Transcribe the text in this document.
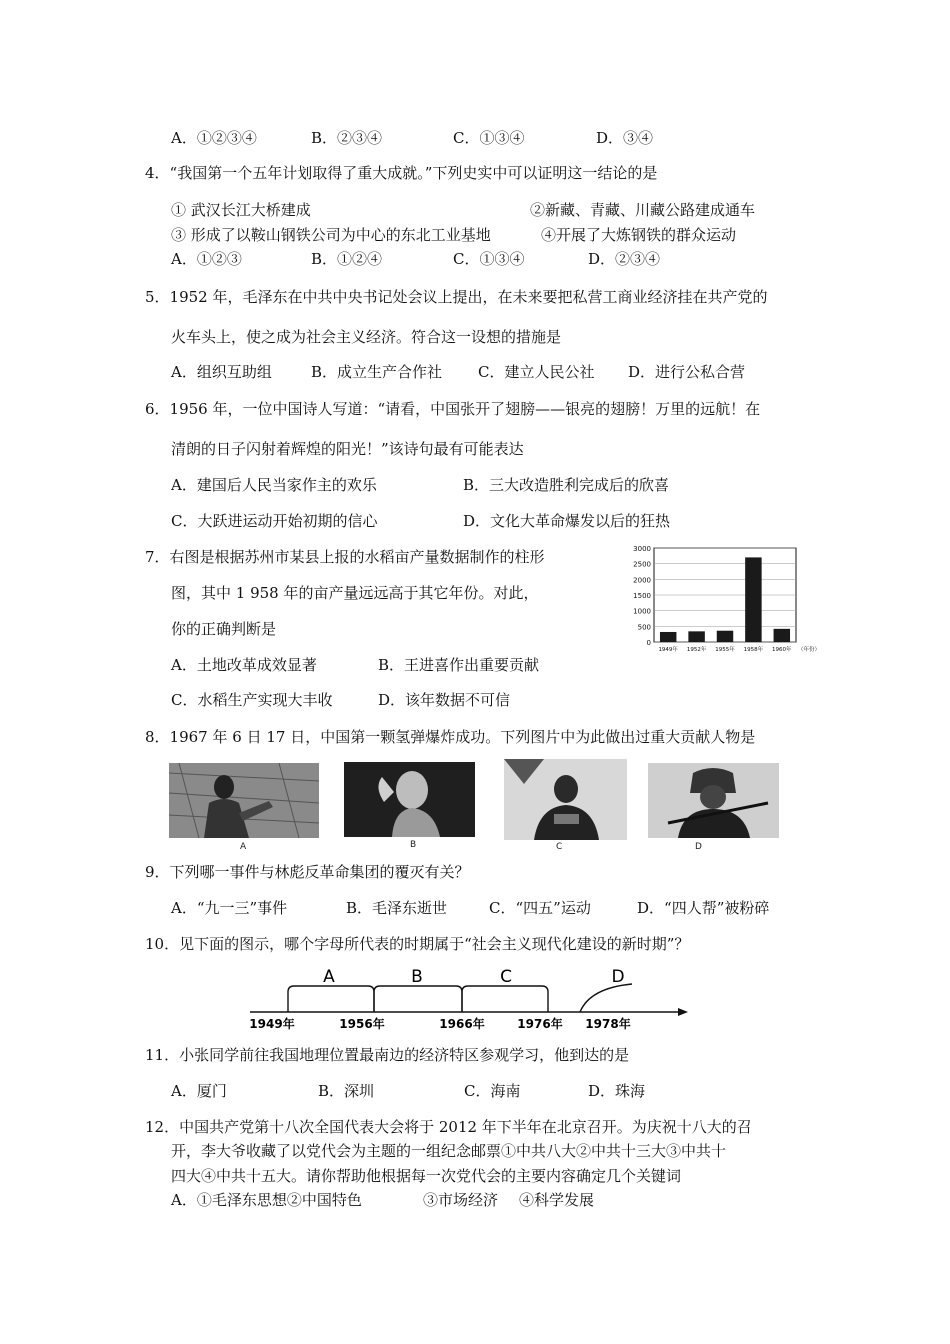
A．①②③④	B．②③④	C．①③④	D．③④
4．“我国第一个五年计划取得了重大成就。”下列史实中可以证明这一结论的是
① 武汉长江大桥建成	②新藏、青藏、川藏公路建成通车
③ 形成了以鞍山钢铁公司为中心的东北工业基地	④开展了大炼钢铁的群众运动
A．①②③	B．①②④	C．①③④	D．②③④
5．1952 年，毛泽东在中共中央书记处会议上提出，在未来要把私营工商业经济挂在共产党的
火车头上，使之成为社会主义经济。符合这一设想的措施是
A．组织互助组	B．成立生产合作社 C．建立人民公社 D．进行公私合营
6．1956 年，一位中国诗人写道：“请看，中国张开了翅膀——银亮的翅膀！万里的远航！在
清朗的日子闪射着辉煌的阳光！”该诗句最有可能表达
A．建国后人民当家作主的欢乐	B．三大改造胜利完成后的欣喜
C．大跃进运动开始初期的信心	D．文化大革命爆发以后的狂热
7．右图是根据苏州市某县上报的水稻亩产量数据制作的柱形
图，其中 1 958 年的亩产量远远高于其它年份。对此，
你的正确判断是
A．土地改革成效显著	B．王进喜作出重要贡献
C．水稻生产实现大丰收	D．该年数据不可信
0
500
1000
1500
2000
2500
3000
1949年 1952年 1955年 1958年 1960年 （年份）
8．1967 年 6 日 17 日，中国第一颗氢弹爆炸成功。下列图片中为此做出过重大贡献人物是
A	B	C	D
9．下列哪一事件与林彪反革命集团的覆灭有关？
A．“九一三”事件	B．毛泽东逝世	C．“四五”运动	D．“四人帮”被粉碎
10．见下面的图示，哪个字母所代表的时期属于“社会主义现代化建设的新时期”？
A	B	C	D
1949年	1956年	1966年	1976年 1978年
11．小张同学前往我国地理位置最南边的经济特区参观学习，他到达的是
A．厦门	B．深圳	C．海南	D．珠海
12．中国共产党第十八次全国代表大会将于 2012 年下半年在北京召开。为庆祝十八大的召
开，李大爷收藏了以党代会为主题的一组纪念邮票①中共八大②中共十三大③中共十
四大④中共十五大。请你帮助他根据每一次党代会的主要内容确定几个关键词
A．①毛泽东思想②中国特色	③市场经济 ④科学发展
